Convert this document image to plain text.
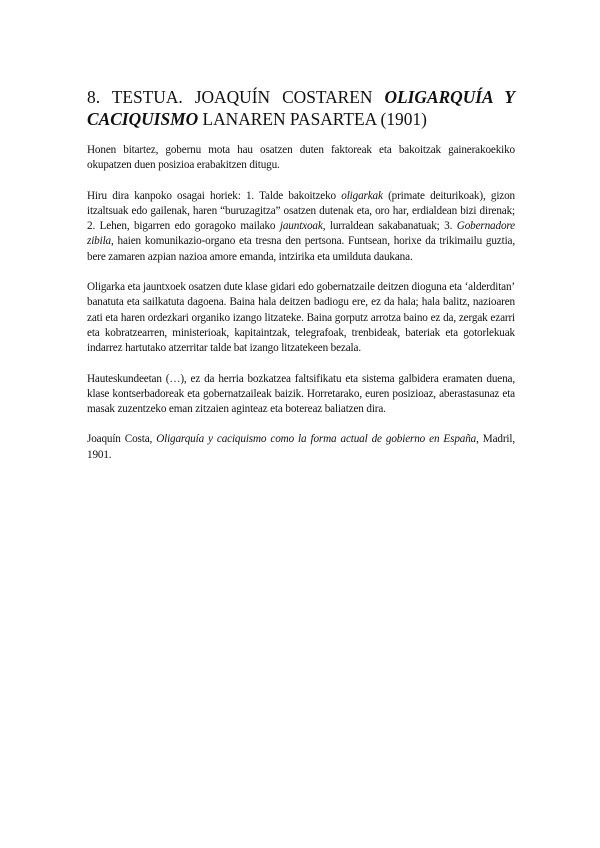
8. TESTUA. JOAQUÍN COSTAREN OLIGARQUÍA Y CACIQUISMO LANAREN PASARTEA (1901)

Honen bitartez, gobernu mota hau osatzen duten faktoreak eta bakoitzak gainerakoekiko okupatzen duen posizioa erabakitzen ditugu.

Hiru dira kanpoko osagai horiek: 1. Talde bakoitzeko oligarkak (primate deiturikoak), gizon itzaltsuak edo gailenak, haren “buruzagitza” osatzen dutenak eta, oro har, erdialdean bizi direnak; 2. Lehen, bigarren edo goragoko mailako jauntxoak, lurraldean sakabanatuak; 3. Gobernadore zibila, haien komunikazio-organo eta tresna den pertsona. Funtsean, horixe da trikimailu guztia, bere zamaren azpian nazioa amore emanda, intzirika eta umilduta daukana.

Oligarka eta jauntxoek osatzen dute klase gidari edo gobernatzaile deitzen dioguna eta ‘alderditan’ banatuta eta sailkatuta dagoena. Baina hala deitzen badiogu ere, ez da hala; hala balitz, nazioaren zati eta haren ordezkari organiko izango litzateke. Baina gorputz arrotza baino ez da, zergak ezarri eta kobratzearren, ministerioak, kapitaintzak, telegrafoak, trenbideak, bateriak eta gotorlekuak indarrez hartutako atzerritar talde bat izango litzatekeen bezala.

Hauteskundeetan (…), ez da herria bozkatzea faltsifikatu eta sistema galbidera eramaten duena, klase kontserbadoreak eta gobernatzaileak baizik. Horretarako, euren posizioaz, aberastasunaz eta masak zuzentzeko eman zitzaien aginteaz eta botereaz baliatzen dira.

Joaquín Costa, Oligarquía y caciquismo como la forma actual de gobierno en España, Madril, 1901.
